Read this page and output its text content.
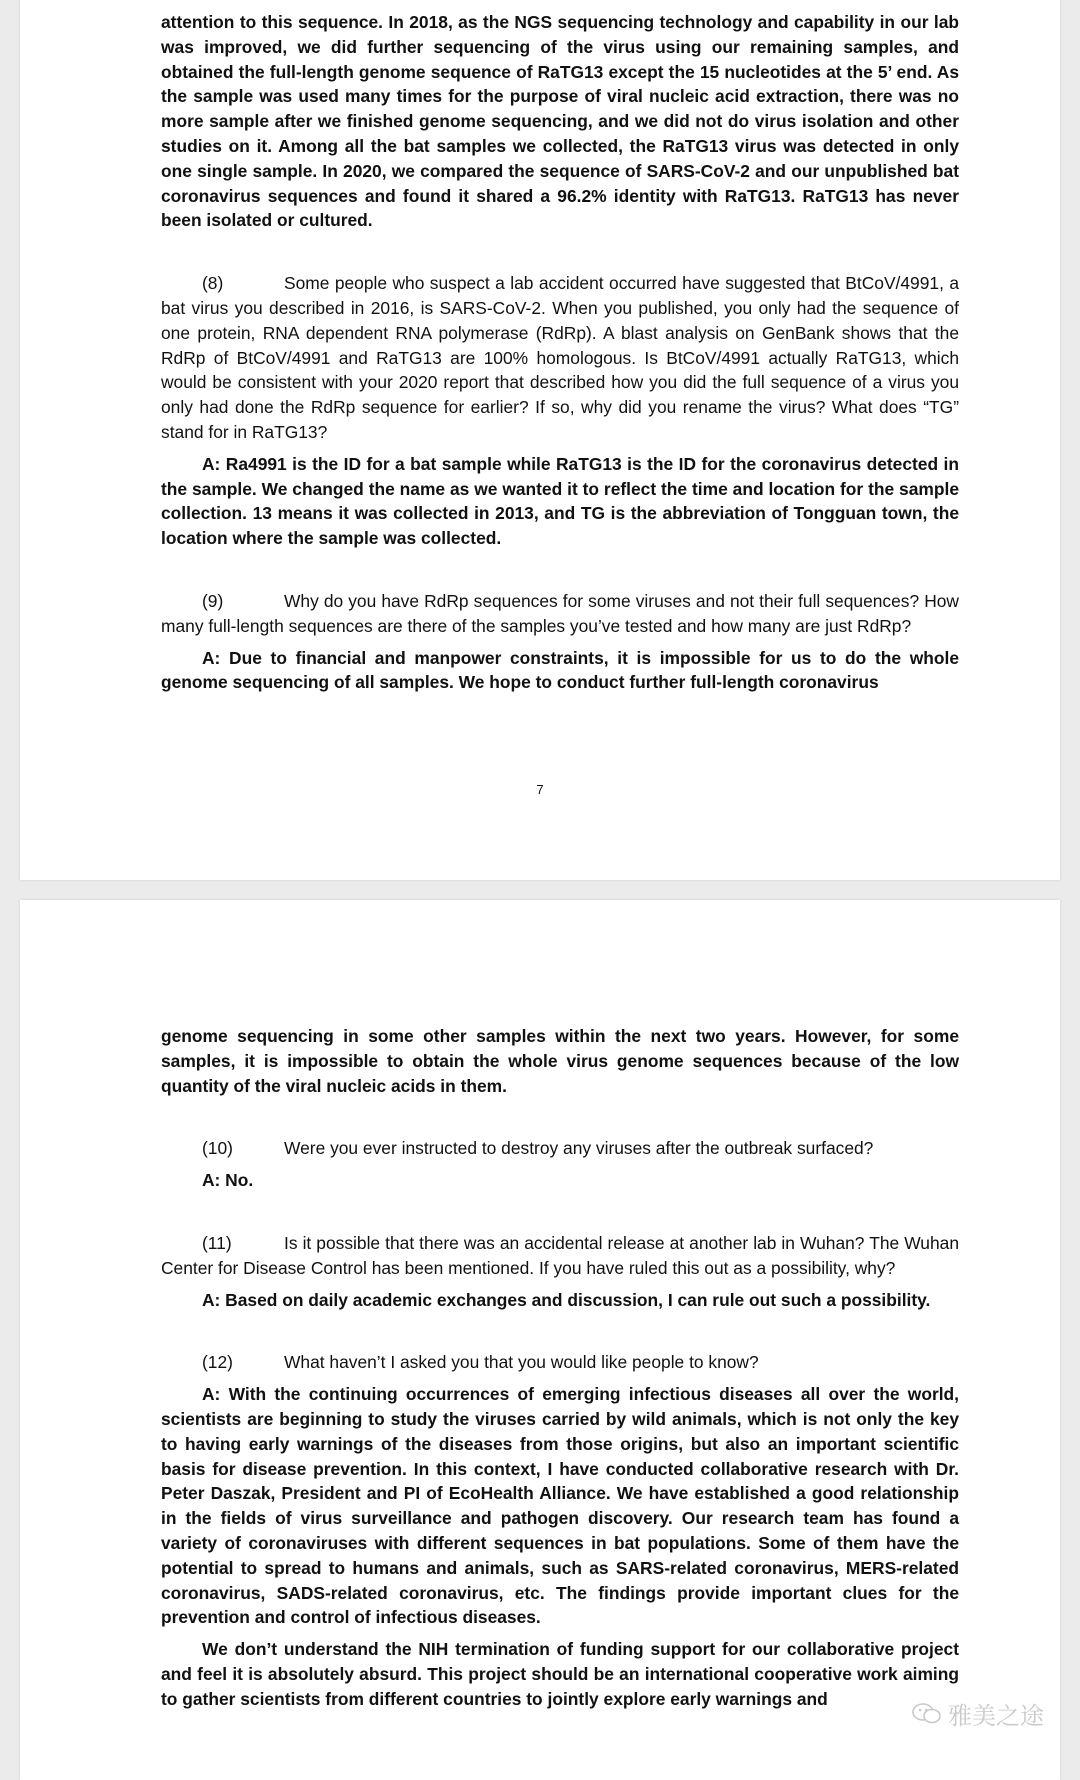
attention to this sequence. In 2018, as the NGS sequencing technology and capability in our lab was improved, we did further sequencing of the virus using our remaining samples, and obtained the full-length genome sequence of RaTG13 except the 15 nucleotides at the 5’ end. As the sample was used many times for the purpose of viral nucleic acid extraction, there was no more sample after we finished genome sequencing, and we did not do virus isolation and other studies on it. Among all the bat samples we collected, the RaTG13 virus was detected in only one single sample. In 2020, we compared the sequence of SARS-CoV-2 and our unpublished bat coronavirus sequences and found it shared a 96.2% identity with RaTG13. RaTG13 has never been isolated or cultured.

(8)	Some people who suspect a lab accident occurred have suggested that BtCoV/4991, a bat virus you described in 2016, is SARS-CoV-2. When you published, you only had the sequence of one protein, RNA dependent RNA polymerase (RdRp). A blast analysis on GenBank shows that the RdRp of BtCoV/4991 and RaTG13 are 100% homologous. Is BtCoV/4991 actually RaTG13, which would be consistent with your 2020 report that described how you did the full sequence of a virus you only had done the RdRp sequence for earlier? If so, why did you rename the virus? What does “TG” stand for in RaTG13?

A: Ra4991 is the ID for a bat sample while RaTG13 is the ID for the coronavirus detected in the sample. We changed the name as we wanted it to reflect the time and location for the sample collection. 13 means it was collected in 2013, and TG is the abbreviation of Tongguan town, the location where the sample was collected.

(9)	Why do you have RdRp sequences for some viruses and not their full sequences? How many full-length sequences are there of the samples you’ve tested and how many are just RdRp?

A: Due to financial and manpower constraints, it is impossible for us to do the whole genome sequencing of all samples. We hope to conduct further full-length coronavirus

7

genome sequencing in some other samples within the next two years. However, for some samples, it is impossible to obtain the whole virus genome sequences because of the low quantity of the viral nucleic acids in them.

(10)	Were you ever instructed to destroy any viruses after the outbreak surfaced?

A: No.

(11)	Is it possible that there was an accidental release at another lab in Wuhan? The Wuhan Center for Disease Control has been mentioned. If you have ruled this out as a possibility, why?

A: Based on daily academic exchanges and discussion, I can rule out such a possibility.

(12)	What haven’t I asked you that you would like people to know?

A: With the continuing occurrences of emerging infectious diseases all over the world, scientists are beginning to study the viruses carried by wild animals, which is not only the key to having early warnings of the diseases from those origins, but also an important scientific basis for disease prevention. In this context, I have conducted collaborative research with Dr. Peter Daszak, President and PI of EcoHealth Alliance. We have established a good relationship in the fields of virus surveillance and pathogen discovery. Our research team has found a variety of coronaviruses with different sequences in bat populations. Some of them have the potential to spread to humans and animals, such as SARS-related coronavirus, MERS-related coronavirus, SADS-related coronavirus, etc. The findings provide important clues for the prevention and control of infectious diseases.

We don’t understand the NIH termination of funding support for our collaborative project and feel it is absolutely absurd. This project should be an international cooperative work aiming to gather scientists from different countries to jointly explore early warnings and

雅美之途
